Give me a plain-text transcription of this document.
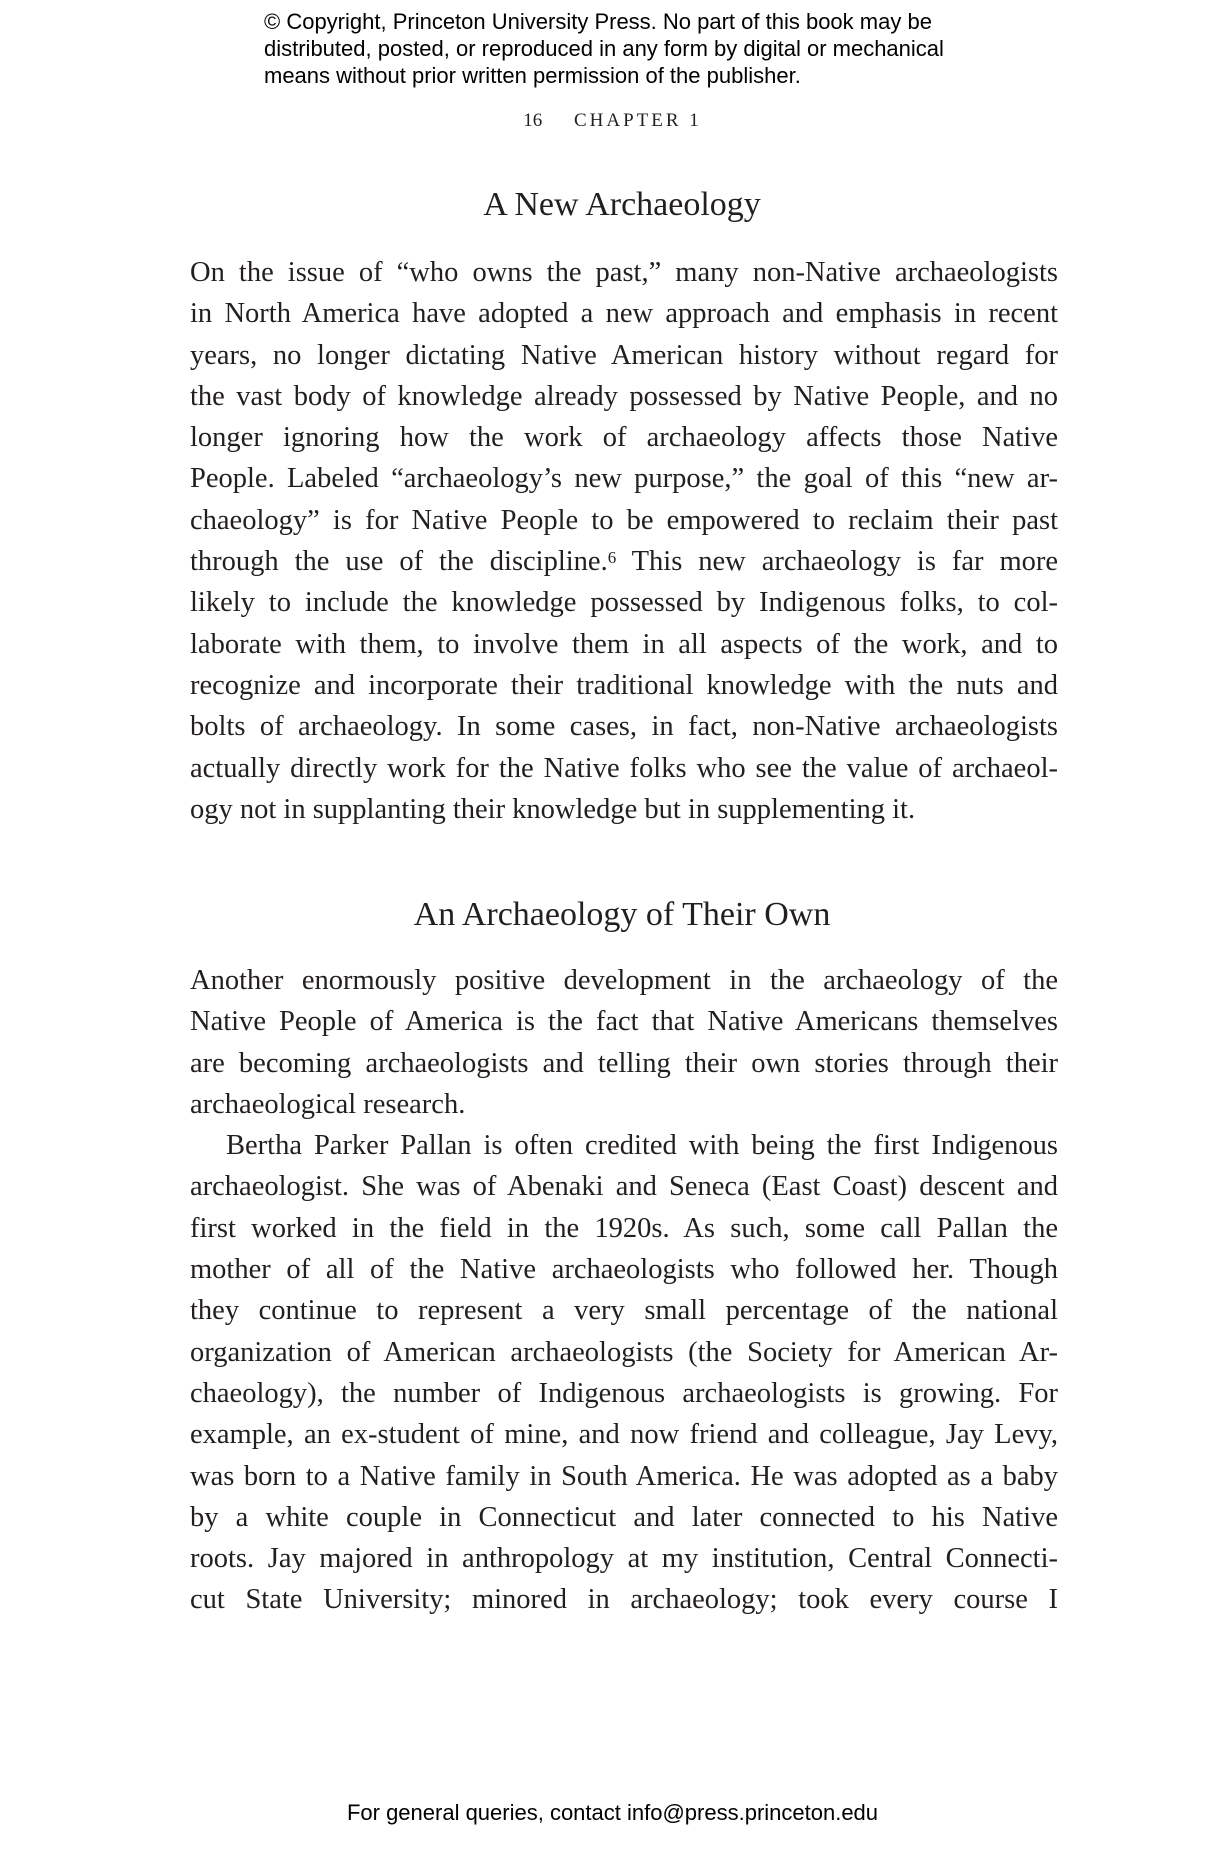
© Copyright, Princeton University Press. No part of this book may be
distributed, posted, or reproduced in any form by digital or mechanical
means without prior written permission of the publisher.
16 CHAPTER 1
A New Archaeology
On the issue of “who owns the past,” many non-Native archaeologists
in North America have adopted a new approach and emphasis in recent
years, no longer dictating Native American history without regard for
the vast body of knowledge already possessed by Native People, and no
longer ignoring how the work of archaeology affects those Native
People. Labeled “archaeology’s new purpose,” the goal of this “new ar-
chaeology” is for Native People to be empowered to reclaim their past
through the use of the discipline.$^6$ This new archaeology is far more
likely to include the knowledge possessed by Indigenous folks, to col-
laborate with them, to involve them in all aspects of the work, and to
recognize and incorporate their traditional knowledge with the nuts and
bolts of archaeology. In some cases, in fact, non-Native archaeologists
actually directly work for the Native folks who see the value of archaeol-
ogy not in supplanting their knowledge but in supplementing it.
An Archaeology of Their Own
Another enormously positive development in the archaeology of the
Native People of America is the fact that Native Americans themselves
are becoming archaeologists and telling their own stories through their
archaeological research.
Bertha Parker Pallan is often credited with being the first Indigenous
archaeologist. She was of Abenaki and Seneca (East Coast) descent and
first worked in the field in the 1920s. As such, some call Pallan the
mother of all of the Native archaeologists who followed her. Though
they continue to represent a very small percentage of the national
organization of American archaeologists (the Society for American Ar-
chaeology), the number of Indigenous archaeologists is growing. For
example, an ex-student of mine, and now friend and colleague, Jay Levy,
was born to a Native family in South America. He was adopted as a baby
by a white couple in Connecticut and later connected to his Native
roots. Jay majored in anthropology at my institution, Central Connecti-
cut State University; minored in archaeology; took every course I
For general queries, contact info@press.princeton.edu
